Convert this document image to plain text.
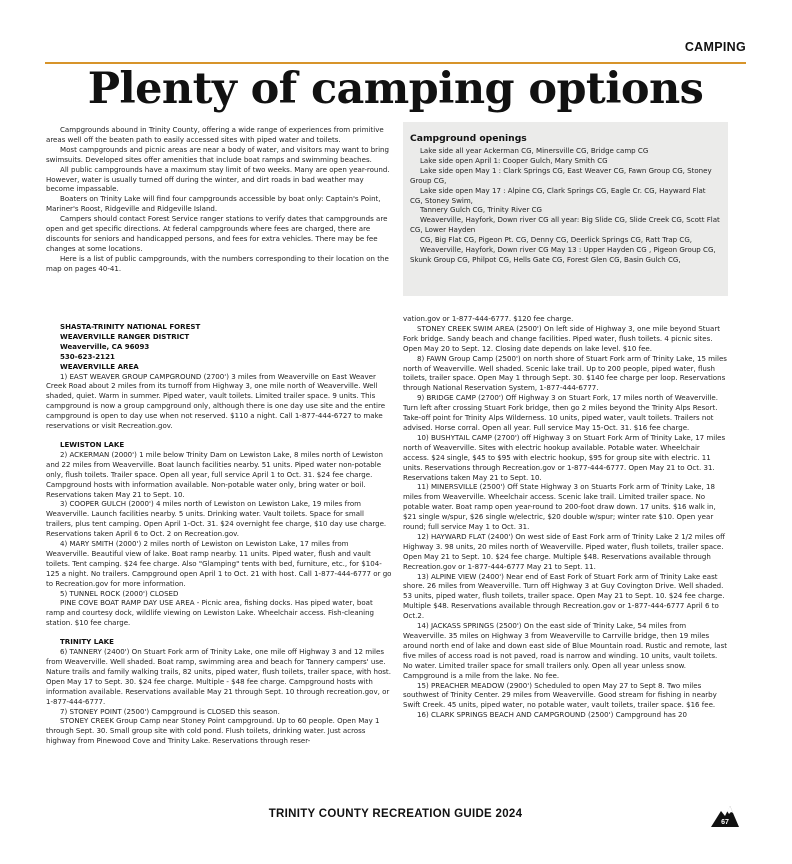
CAMPING
Plenty of camping options

Campgrounds abound in Trinity County, offering a wide range of experiences from primitive areas well off the beaten path to easily accessed sites with piped water and toilets.

Most campgrounds and picnic areas are near a body of water, and visitors may want to bring swimsuits. Developed sites offer amenities that include boat ramps and swimming beaches.

All public campgrounds have a maximum stay limit of two weeks. Many are open year-round. However, water is usually turned off during the winter, and dirt roads in bad weather may become impassable.

Boaters on Trinity Lake will find four campgrounds accessible by boat only: Captain's Point, Mariner's Roost, Ridgeville and Ridgeville Island.

Campers should contact Forest Service ranger stations to verify dates that campgrounds are open and get specific directions. At federal campgrounds where fees are charged, there are discounts for seniors and handicapped persons, and fees for extra vehicles. There may be fee changes at some locations.

Here is a list of public campgrounds, with the numbers corresponding to their location on the map on pages 40-41.

Campground openings

Lake side all year Ackerman CG, Minersville CG, Bridge camp CG

Lake side open April 1: Cooper Gulch, Mary Smith CG

Lake side open May 1 : Clark Springs CG, East Weaver CG, Fawn Group CG, Stoney Group CG,

Lake side open May 17 : Alpine CG, Clark Springs CG, Eagle Cr. CG, Hayward Flat CG, Stoney Swim,

Tannery Gulch CG, Trinity River CG

Weaverville, Hayfork, Down river CG all year: Big Slide CG, Slide Creek CG, Scott Flat CG, Lower Hayden

CG, Big Flat CG, Pigeon Pt. CG, Denny CG, Deerlick Springs CG, Ratt Trap CG,

Weaverville, Hayfork, Down river CG May 13 : Upper Hayden CG , Pigeon Group CG, Skunk Group CG, Philpot CG, Hells Gate CG, Forest Glen CG, Basin Gulch CG,

SHASTA-TRINITY NATIONAL FOREST

WEAVERVILLE RANGER DISTRICT

Weaverville, CA 96093

530-623-2121

WEAVERVILLE AREA

1) EAST WEAVER GROUP CAMPGROUND (2700') 3 miles from Weaverville on East Weaver Creek Road about 2 miles from its turnoff from Highway 3, one mile north of Weaverville. Well shaded, quiet. Warm in summer. Piped water, vault toilets. Limited trailer space. 9 units. This campground is now a group campground only, although there is one day use site and the entire campground is open to day use when not reserved. $110 a night. Call 1-877-444-6727 to make reservations or visit Recreation.gov.

LEWISTON LAKE

2) ACKERMAN (2000') 1 mile below Trinity Dam on Lewiston Lake, 8 miles north of Lewiston and 22 miles from Weaverville. Boat launch facilities nearby. 51 units. Piped water non-potable only, flush toilets. Trailer space. Open all year, full service April 1 to Oct. 31. $24 fee charge. Campground hosts with information available. Non-potable water only, bring water or boil. Reservations taken May 21 to Sept. 10.

3) COOPER GULCH (2000') 4 miles north of Lewiston on Lewiston Lake, 19 miles from Weaverville. Launch facilities nearby. 5 units. Drinking water. Vault toilets. Space for small trailers, plus tent camping. Open April 1-Oct. 31. $24 overnight fee charge, $10 day use charge. Reservations taken April 6 to Oct. 2 on Recreation.gov.

4) MARY SMITH (2000') 2 miles north of Lewiston on Lewiston Lake, 17 miles from Weaverville. Beautiful view of lake. Boat ramp nearby. 11 units. Piped water, flush and vault toilets. Tent camping. $24 fee charge. Also "Glamping" tents with bed, furniture, etc., for $104-125 a night. No trailers. Campground open April 1 to Oct. 21 with host. Call 1-877-444-6777 or go to Recreation.gov for more information.

5) TUNNEL ROCK (2000') CLOSED

PINE COVE BOAT RAMP DAY USE AREA - Picnic area, fishing docks. Has piped water, boat ramp and courtesy dock, wildlife viewing on Lewiston Lake. Wheelchair access. Fish-cleaning station. $10 fee charge.

TRINITY LAKE

6) TANNERY (2400') On Stuart Fork arm of Trinity Lake, one mile off Highway 3 and 12 miles from Weaverville. Well shaded. Boat ramp, swimming area and beach for Tannery campers' use. Nature trails and family walking trails, 82 units, piped water, flush toilets, trailer space, with host. Open May 17 to Sept. 30. $24 fee charge. Multiple - $48 fee charge. Campground hosts with information available. Reservations available May 21 through Sept. 10 through recreation.gov, or 1-877-444-6777.

7) STONEY POINT (2500') Campground is CLOSED this season.

STONEY CREEK Group Camp near Stoney Point campground. Up to 60 people. Open May 1 through Sept. 30. Small group site with cold pond. Flush toilets, drinking water. Just across highway from Pinewood Cove and Trinity Lake. Reservations through reser-

vation.gov or 1-877-444-6777. $120 fee charge.

STONEY CREEK SWIM AREA (2500') On left side of Highway 3, one mile beyond Stuart Fork bridge. Sandy beach and change facilities. Piped water, flush toilets. 4 picnic sites. Open May 20 to Sept. 12. Closing date depends on lake level. $10 fee.

8) FAWN Group Camp (2500') on north shore of Stuart Fork arm of Trinity Lake, 15 miles north of Weaverville. Well shaded. Scenic lake trail. Up to 200 people, piped water, flush toilets, trailer space. Open May 1 through Sept. 30. $140 fee charge per loop. Reservations through National Reservation System, 1-877-444-6777.

9) BRIDGE CAMP (2700') Off Highway 3 on Stuart Fork, 17 miles north of Weaverville. Turn left after crossing Stuart Fork bridge, then go 2 miles beyond the Trinity Alps Resort. Take-off point for Trinity Alps Wilderness. 10 units, piped water, vault toilets. Trailers not advised. Horse corral. Open all year. Full service May 15-Oct. 31. $16 fee charge.

10) BUSHYTAIL CAMP (2700') off Highway 3 on Stuart Fork Arm of Trinity Lake, 17 miles north of Weaverville. Sites with electric hookup available. Potable water. Wheelchair access. $24 single, $45 to $95 with electric hookup, $95 for group site with electric. 11 units. Reservations through Recreation.gov or 1-877-444-6777. Open May 21 to Oct. 31. Reservations taken May 21 to Sept. 10.

11) MINERSVILLE (2500') Off State Highway 3 on Stuarts Fork arm of Trinity Lake, 18 miles from Weaverville. Wheelchair access. Scenic lake trail. Limited trailer space. No potable water. Boat ramp open year-round to 200-foot draw down. 17 units. $16 walk in, $21 single w/spur, $26 single w/electric, $20 double w/spur; winter rate $10. Open year round; full service May 1 to Oct. 31.

12) HAYWARD FLAT (2400') On west side of East Fork arm of Trinity Lake 2 1/2 miles off Highway 3. 98 units, 20 miles north of Weaverville. Piped water, flush toilets, trailer space. Open May 21 to Sept. 10. $24 fee charge. Multiple $48. Reservations available through Recreation.gov or 1-877-444-6777 May 21 to Sept. 11.

13) ALPINE VIEW (2400') Near end of East Fork of Stuart Fork arm of Trinity Lake east shore. 26 miles from Weaverville. Turn off Highway 3 at Guy Covington Drive. Well shaded. 53 units, piped water, flush toilets, trailer space. Open May 21 to Sept. 10. $24 fee charge. Multiple $48. Reservations available through Recreation.gov or 1-877-444-6777 April 6 to Oct.2.

14) JACKASS SPRINGS (2500') On the east side of Trinity Lake, 54 miles from Weaverville. 35 miles on Highway 3 from Weaverville to Carrville bridge, then 19 miles around north end of lake and down east side of Blue Mountain road. Rustic and remote, last five miles of access road is not paved, road is narrow and winding. 10 units, vault toilets. No water. Limited trailer space for small trailers only. Open all year unless snow. Campground is a mile from the lake. No fee.

15) PREACHER MEADOW (2900') Scheduled to open May 27 to Sept 8. Two miles southwest of Trinity Center. 29 miles from Weaverville. Good stream for fishing in nearby Swift Creek. 45 units, piped water, no potable water, vault toilets, trailer space. $16 fee.

16) CLARK SPRINGS BEACH AND CAMPGROUND (2500') Campground has 20

TRINITY COUNTY RECREATION GUIDE 2024
67
